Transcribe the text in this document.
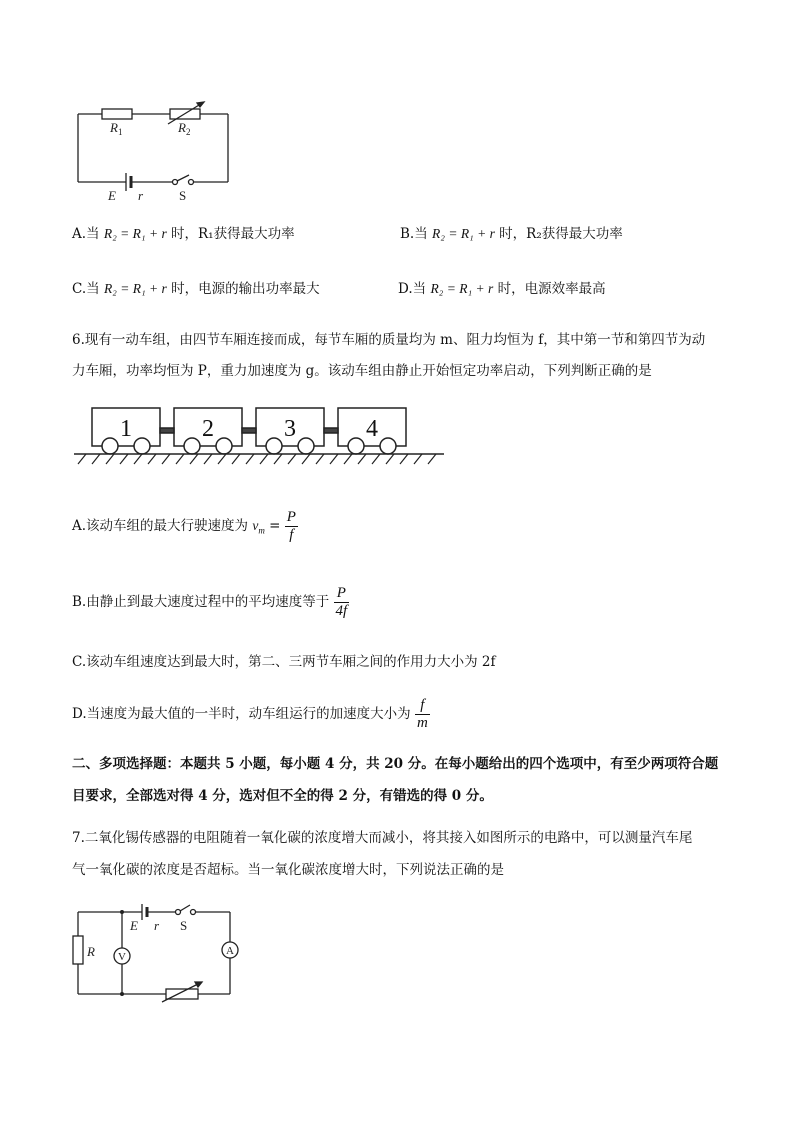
$R_1$	$R_2$
E r	S
A.当 R₂ = R₁ + r 时，R₁获得最大功率	B.当 R₂ = R₁ + r 时，R₂获得最大功率
C.当 R₂ = R₁ + r 时，电源的输出功率最大	D.当 R₂ = R₁ + r 时，电源效率最高
6.现有一动车组，由四节车厢连接而成，每节车厢的质量均为 m、阻力均恒为 f，其中第一节和第四节为动
力车厢，功率均恒为 P，重力加速度为 g。该动车组由静止开始恒定功率启动，下列判断正确的是
1	2	3	4
A.该动车组的最大行驶速度为 $v_m = \frac{P}{f}$
B.由静止到最大速度过程中的平均速度等于 $\frac{P}{4f}$
C.该动车组速度达到最大时，第二、三两节车厢之间的作用力大小为 2f
D.当速度为最大值的一半时，动车组运行的加速度大小为 $\frac{f}{m}$
二、多项选择题：本题共 5 小题，每小题 4 分，共 20 分。在每小题给出的四个选项中，有至少两项符合题
目要求，全部选对得 4 分，选对但不全的得 2 分，有错选的得 0 分。
7.二氧化锡传感器的电阻随着一氧化碳的浓度增大而减小，将其接入如图所示的电路中，可以测量汽车尾
气一氧化碳的浓度是否超标。当一氧化碳浓度增大时，下列说法正确的是
E r S
R V	A
